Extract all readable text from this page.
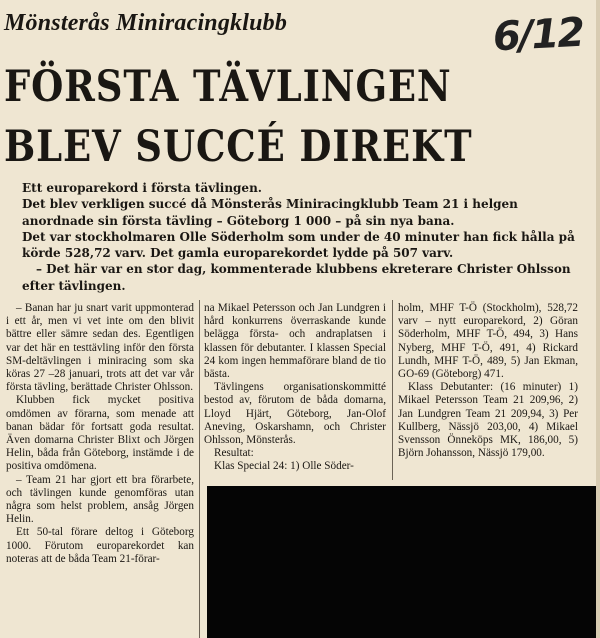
Mönsterås Miniracingklubb	6/12
FÖRSTA TÄVLINGEN
BLEV SUCCÉ DIREKT

Ett europarekord i första tävlingen.

Det blev verkligen succé då Mönsterås Miniracingklubb Team 21 i helgen anordnade sin första tävling – Göteborg 1 000 – på sin nya bana.

Det var stockholmaren Olle Söderholm som under de 40 minuter han fick hålla på körde 528,72 varv. Det gamla europarekordet lydde på 507 varv.

– Det här var en stor dag, kommenterade klubbens ekreterare Christer Ohlsson efter tävlingen.

– Banan har ju snart varit uppmonterad i ett år, men vi vet inte om den blivit bättre eller sämre sedan des. Egentligen var det här en testtävling inför den första SM-deltävlingen i miniracing som ska köras 27 –28 januari, trots att det var vår första tävling, berättade Christer Ohlsson.

Klubben fick mycket positiva omdömen av förarna, som menade att banan bädar för fortsatt goda resultat. Även domarna Christer Blixt och Jörgen Helin, båda från Göteborg, instämde i de positiva omdömena.

– Team 21 har gjort ett bra förarbete, och tävlingen kunde genomföras utan några som helst problem, ansåg Jörgen Helin.

Ett 50-tal förare deltog i Göteborg 1000. Förutom europarekordet kan noteras att de båda Team 21-förar-

na Mikael Petersson och Jan Lundgren i hård konkurrens överraskande kunde belägga första- och andraplatsen i klassen för debutanter. I klassen Special 24 kom ingen hemmaförare bland de tio bästa.

Tävlingens organisationskommitté bestod av, förutom de båda domarna, Lloyd Hjärt, Göteborg, Jan-Olof Aneving, Oskarshamn, och Christer Ohlsson, Mönsterås.

Resultat:

Klas Special 24: 1) Olle Söder-

holm, MHF T-Ö (Stockholm), 528,72 varv – nytt europarekord, 2) Göran Söderholm, MHF T-Ö, 494, 3) Hans Nyberg, MHF T-Ö, 491, 4) Rickard Lundh, MHF T-Ö, 489, 5) Jan Ekman, GO-69 (Göteborg) 471.

Klass Debutanter: (16 minuter) 1) Mikael Petersson Team 21 209,96, 2) Jan Lundgren Team 21 209,94, 3) Per Kullberg, Nässjö 203,00, 4) Mikael Svensson Önneköps MK, 186,00, 5) Björn Johansson, Nässjö 179,00.
